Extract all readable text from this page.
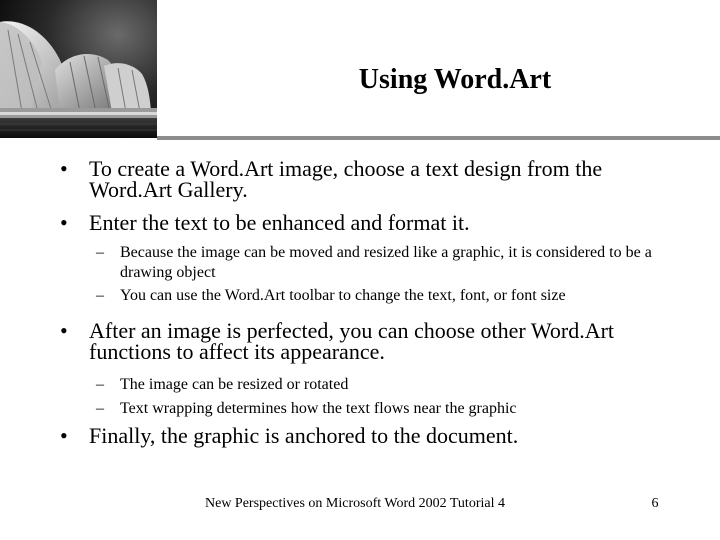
Using Word.Art
• To create a Word.Art image, choose a text design from the Word.Art Gallery.
• Enter the text to be enhanced and format it.
– Because the image can be moved and resized like a graphic, it is considered to be a drawing object
– You can use the Word.Art toolbar to change the text, font, or font size
• After an image is perfected, you can choose other Word.Art functions to affect its appearance.
– The image can be resized or rotated
– Text wrapping determines how the text flows near the graphic
• Finally, the graphic is anchored to the document.
New Perspectives on Microsoft Word 2002 Tutorial 4	6
